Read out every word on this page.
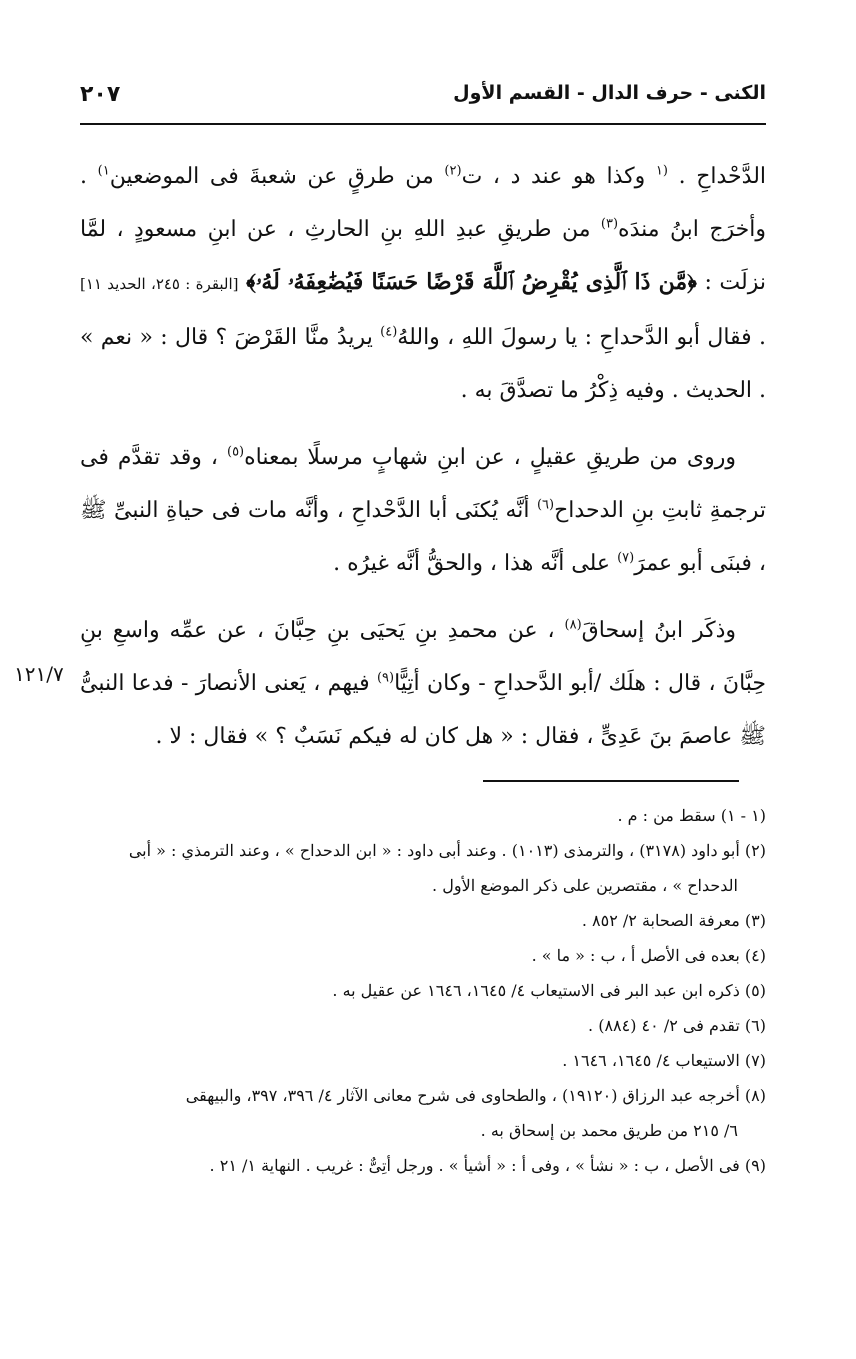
الكنى - حرف الدال - القسم الأول
٢٠٧
١٢١/٧

الدَّحْداحِ . $^{(١}$ وكذا هو عند د ، ت$^{(٢)}$ من طرقٍ عن شعبةَ فى الموضعين$^{١)}$ . وأخرَج ابنُ مندَه$^{(٣)}$ من طريقِ عبدِ اللهِ بنِ الحارثِ ، عن ابنِ مسعودٍ ، لمَّا نزلَت : ﴿مَّن ذَا ٱلَّذِى يُقْرِضُ ٱللَّهَ قَرْضًا حَسَنًا فَيُضَٰعِفَهُۥ لَهُۥ﴾ [البقرة : ٢٤٥، الحديد ١١] . فقال أبو الدَّحداحِ : يا رسولَ اللهِ ، واللهُ$^{(٤)}$ يريدُ منَّا القَرْضَ ؟ قال : « نعم » . الحديث . وفيه ذِكْرُ ما تصدَّقَ به .

وروى من طريقِ عقيلٍ ، عن ابنِ شهابٍ مرسلًا بمعناه$^{(٥)}$ ، وقد تقدَّم فى ترجمةِ ثابتِ بنِ الدحداح$^{(٦)}$ أنَّه يُكنَى أبا الدَّحْداحِ ، وأنَّه مات فى حياةِ النبىِّ ﷺ ، فبنَى أبو عمرَ$^{(٧)}$ على أنَّه هذا ، والحقُّ أنَّه غيرُه .

وذكَر ابنُ إسحاقَ$^{(٨)}$ ، عن محمدِ بنِ يَحيَى بنِ حِبَّانَ ، عن عمِّه واسعِ بنِ حِبَّانَ ، قال : هلَك /أبو الدَّحداحِ - وكان أتِيًّا$^{(٩)}$ فيهم ، يَعنى الأنصارَ - فدعا النبىُّ ﷺ عاصمَ بنَ عَدِىٍّ ، فقال : « هل كان له فيكم نَسَبٌ ؟ » فقال : لا .

(١ - ١) سقط من : م .

(٢) أبو داود (٣١٧٨) ، والترمذى (١٠١٣) . وعند أبى داود : « ابن الدحداح » ، وعند الترمذي : « أبى
الدحداح » ، مقتصرين على ذكر الموضع الأول .

(٣) معرفة الصحابة ٢/ ٨٥٢ .

(٤) بعده فى الأصل أ ، ب : « ما » .

(٥) ذكره ابن عبد البر فى الاستيعاب ٤/ ١٦٤٥، ١٦٤٦ عن عقيل به .

(٦) تقدم فى ٢/ ٤٠ (٨٨٤) .

(٧) الاستيعاب ٤/ ١٦٤٥، ١٦٤٦ .

(٨) أخرجه عبد الرزاق (١٩١٢٠) ، والطحاوى فى شرح معانى الآثار ٤/ ٣٩٦، ٣٩٧، والبيهقى
٦/ ٢١٥ من طريق محمد بن إسحاق به .

(٩) فى الأصل ، ب : « نشأ » ، وفى أ : « أشيأ » . ورجل أتِىٌّ : غريب . النهاية ١/ ٢١ .
